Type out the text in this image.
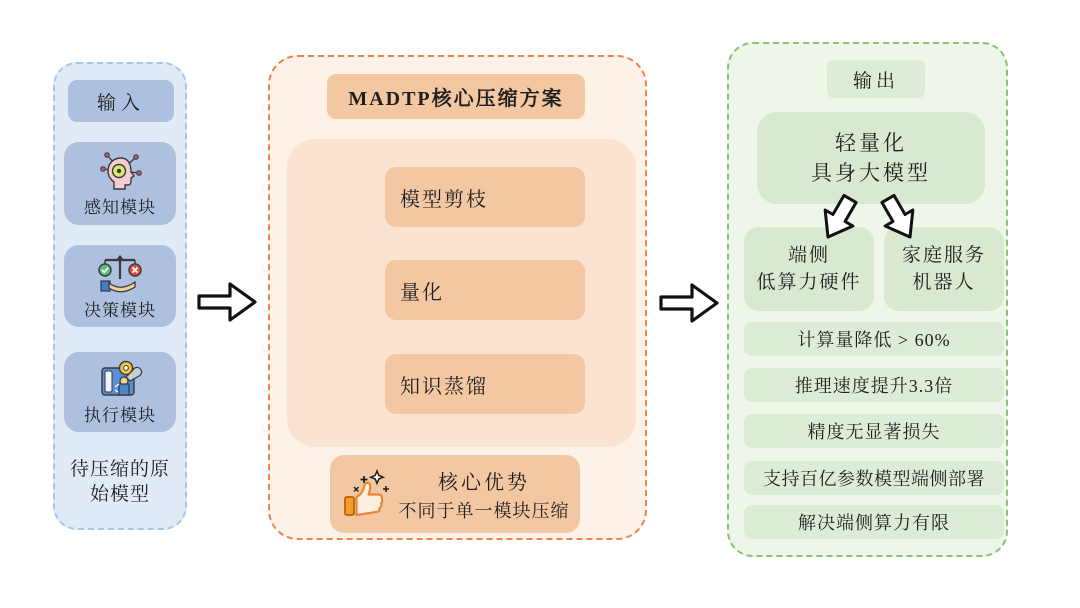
输入
感知模块
决策模块
执行模块
待压缩的原
始模型
MADTP核心压缩方案
模型剪枝
量化
知识蒸馏
核心优势
不同于单一模块压缩
输出
轻量化
具身大模型
端侧
低算力硬件
家庭服务
机器人
计算量降低 > 60%
推理速度提升3.3倍
精度无显著损失
支持百亿参数模型端侧部署
解决端侧算力有限
